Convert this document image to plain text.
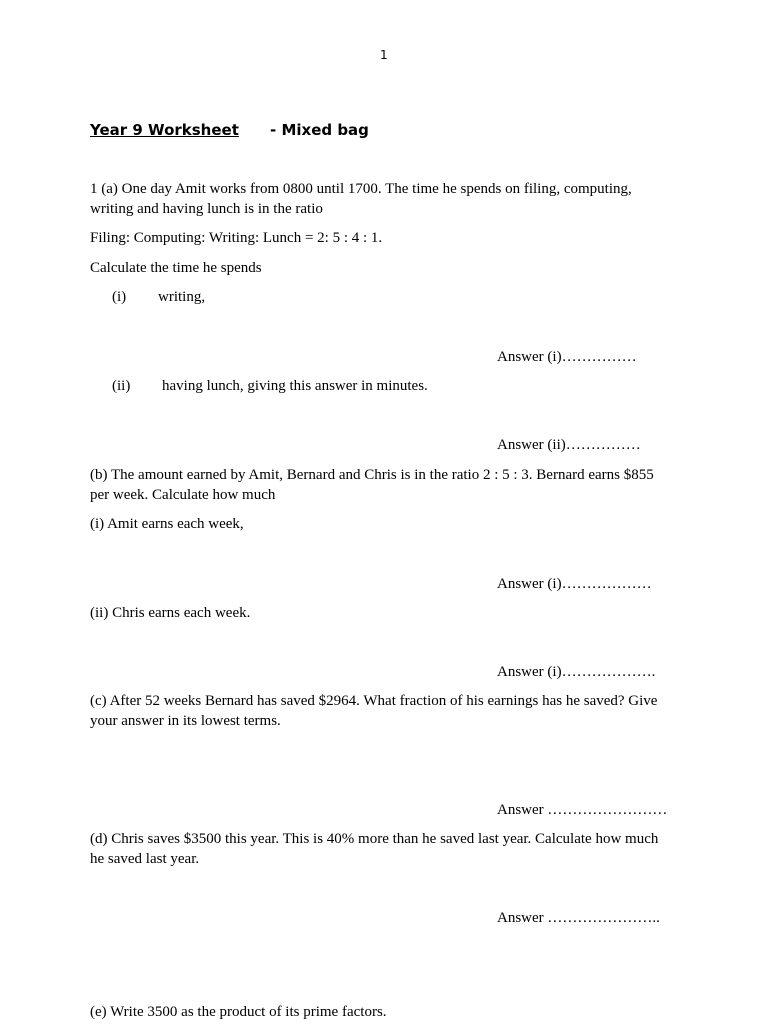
1
Year 9 Worksheet - Mixed bag
1 (a) One day Amit works from 0800 until 1700. The time he spends on filing, computing, writing and having lunch is in the ratio
Filing: Computing: Writing: Lunch = 2: 5 : 4 : 1.
Calculate the time he spends
(i) writing,
Answer (i)……………
(ii) having lunch, giving this answer in minutes.
Answer (ii)……………
(b) The amount earned by Amit, Bernard and Chris is in the ratio 2 : 5 : 3. Bernard earns $855 per week. Calculate how much
(i) Amit earns each week,
Answer (i)………………
(ii) Chris earns each week.
Answer (i)……………….
(c) After 52 weeks Bernard has saved $2964. What fraction of his earnings has he saved? Give your answer in its lowest terms.
Answer ……………………
(d) Chris saves $3500 this year. This is 40% more than he saved last year. Calculate how much he saved last year.
Answer …………………..
(e) Write 3500 as the product of its prime factors.
